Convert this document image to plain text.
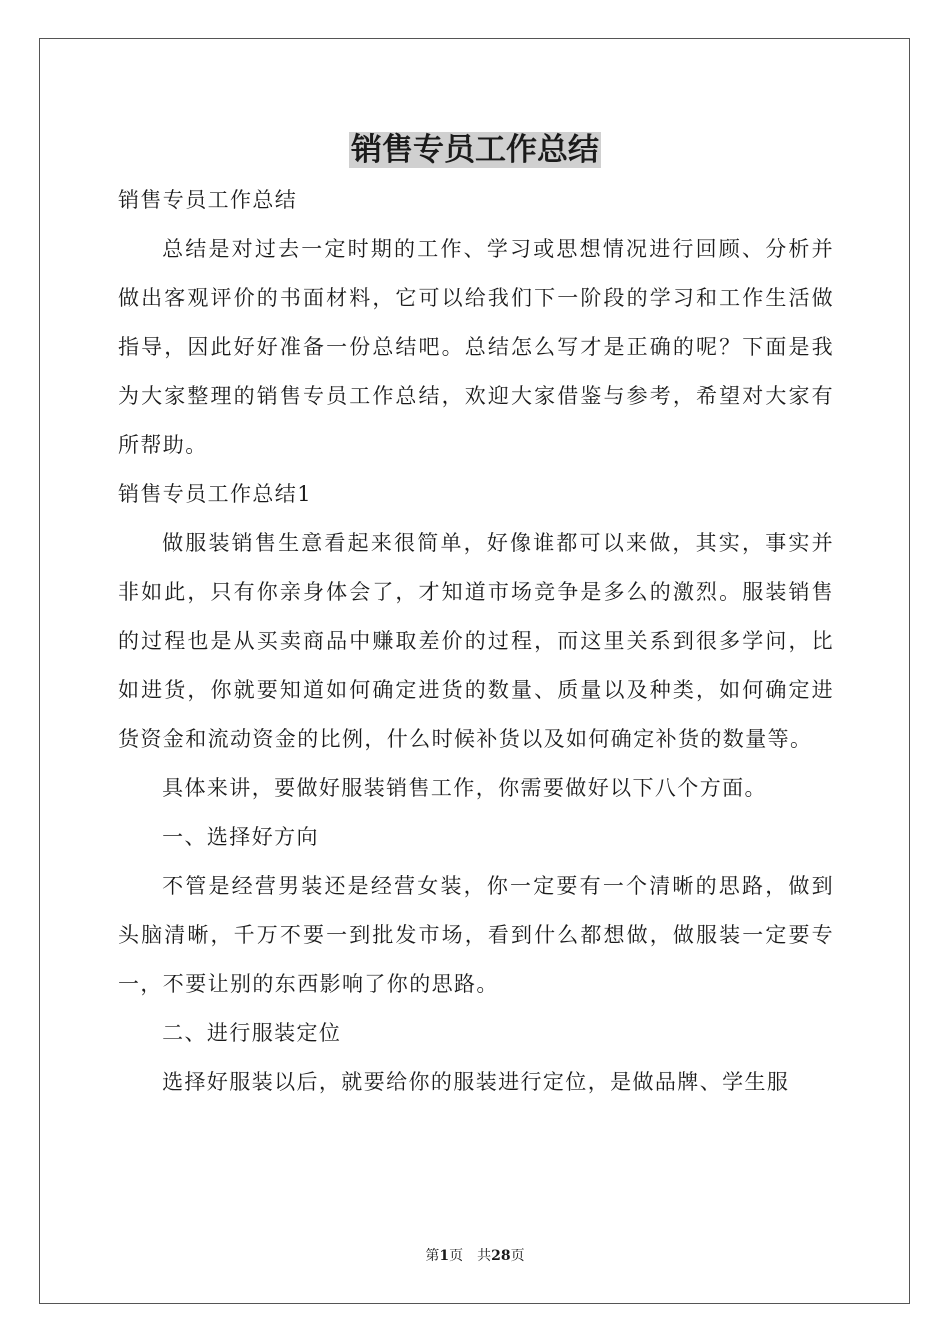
销售专员工作总结

销售专员工作总结

总结是对过去一定时期的工作、学习或思想情况进行回顾、分析并做出客观评价的书面材料，它可以给我们下一阶段的学习和工作生活做指导，因此好好准备一份总结吧。总结怎么写才是正确的呢？下面是我为大家整理的销售专员工作总结，欢迎大家借鉴与参考，希望对大家有所帮助。

销售专员工作总结1

做服装销售生意看起来很简单，好像谁都可以来做，其实，事实并非如此，只有你亲身体会了，才知道市场竞争是多么的激烈。服装销售的过程也是从买卖商品中赚取差价的过程，而这里关系到很多学问，比如进货，你就要知道如何确定进货的数量、质量以及种类，如何确定进货资金和流动资金的比例，什么时候补货以及如何确定补货的数量等。

具体来讲，要做好服装销售工作，你需要做好以下八个方面。

一、选择好方向

不管是经营男装还是经营女装，你一定要有一个清晰的思路，做到头脑清晰，千万不要一到批发市场，看到什么都想做，做服装一定要专一，不要让别的东西影响了你的思路。

二、进行服装定位

选择好服装以后，就要给你的服装进行定位，是做品牌、学生服

第1页 共28页
